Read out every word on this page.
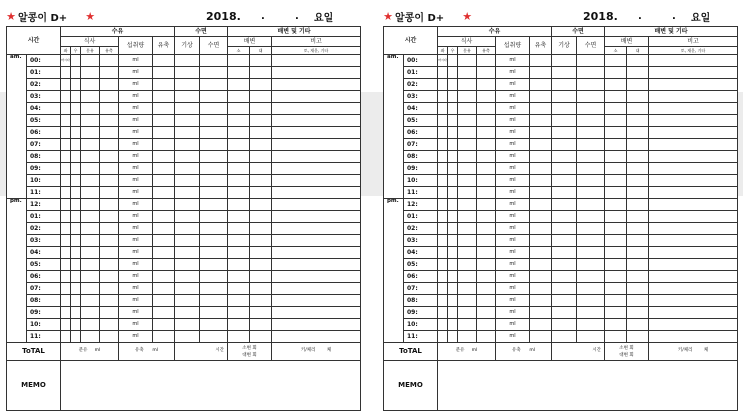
★ 알콩이 D+ ★	2018. .	. 요일
시간		수유						수면		배변 및 기타		
		식사				섭취량	유축	기상	수면	배변		비고
		좌	우	분유	유축					소	대	토, 재운, 기타
am.	00:	마시다				ml						
	01:					ml						
	02:					ml						
	03:					ml						
	04:					ml						
	05:					ml						
	06:					ml						
	07:					ml						
	08:					ml						
	09:					ml						
	10:					ml						
	11:					ml						
pm.	12:					ml						
	01:					ml						
	02:					ml						
	03:					ml						
	04:					ml						
	05:					ml						
	06:					ml						
	07:					ml						
	08:					ml						
	09:					ml						
	10:					ml						
	11:					ml						
ToTAL		분유 ml				유축 ml		시간		소변 회
대변 회		키/체리 체
MEMO												
★ 알콩이 D+ ★	2018. .	. 요일
시간		수유						수면		배변 및 기타		
		식사				섭취량	유축	기상	수면	배변		비고
		좌	우	분유	유축					소	대	토, 재운, 기타
am.	00:	마시다				ml						
	01:					ml						
	02:					ml						
	03:					ml						
	04:					ml						
	05:					ml						
	06:					ml						
	07:					ml						
	08:					ml						
	09:					ml						
	10:					ml						
	11:					ml						
pm.	12:					ml						
	01:					ml						
	02:					ml						
	03:					ml						
	04:					ml						
	05:					ml						
	06:					ml						
	07:					ml						
	08:					ml						
	09:					ml						
	10:					ml						
	11:					ml						
ToTAL		분유 ml				유축 ml		시간		소변 회
대변 회		키/체리 체
MEMO												
